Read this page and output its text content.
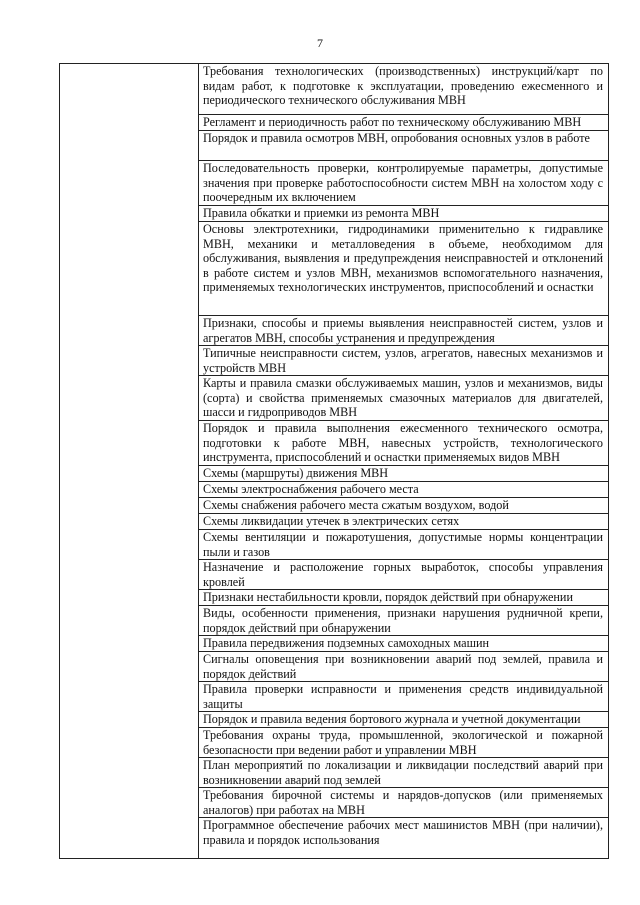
7
Требования технологических (производственных) инструкций/карт по видам работ, к подготовке к эксплуатации, проведению ежесменного и периодического технического обслуживания МВН
Регламент и периодичность работ по техническому обслуживанию МВН
Порядок и правила осмотров МВН, опробования основных узлов в работе
Последовательность проверки, контролируемые параметры, допустимые значения при проверке работоспособности систем МВН на холостом ходу с поочередным их включением
Правила обкатки и приемки из ремонта МВН
Основы электротехники, гидродинамики применительно к гидравлике МВН, механики и металловедения в объеме, необходимом для обслуживания, выявления и предупреждения неисправностей и отклонений в работе систем и узлов МВН, механизмов вспомогательного назначения, применяемых технологических инструментов, приспособлений и оснастки
Признаки, способы и приемы выявления неисправностей систем, узлов и агрегатов МВН, способы устранения и предупреждения
Типичные неисправности систем, узлов, агрегатов, навесных механизмов и устройств МВН
Карты и правила смазки обслуживаемых машин, узлов и механизмов, виды (сорта) и свойства применяемых смазочных материалов для двигателей, шасси и гидроприводов МВН
Порядок и правила выполнения ежесменного технического осмотра, подготовки к работе МВН, навесных устройств, технологического инструмента, приспособлений и оснастки применяемых видов МВН
Схемы (маршруты) движения МВН
Схемы электроснабжения рабочего места
Схемы снабжения рабочего места сжатым воздухом, водой
Схемы ликвидации утечек в электрических сетях
Схемы вентиляции и пожаротушения, допустимые нормы концентрации пыли и газов
Назначение и расположение горных выработок, способы управления кровлей
Признаки нестабильности кровли, порядок действий при обнаружении
Виды, особенности применения, признаки нарушения рудничной крепи, порядок действий при обнаружении
Правила передвижения подземных самоходных машин
Сигналы оповещения при возникновении аварий под землей, правила и порядок действий
Правила проверки исправности и применения средств индивидуальной защиты
Порядок и правила ведения бортового журнала и учетной документации
Требования охраны труда, промышленной, экологической и пожарной безопасности при ведении работ и управлении МВН
План мероприятий по локализации и ликвидации последствий аварий при возникновении аварий под землей
Требования бирочной системы и нарядов-допусков (или применяемых аналогов) при работах на МВН
Программное обеспечение рабочих мест машинистов МВН (при наличии), правила и порядок использования
